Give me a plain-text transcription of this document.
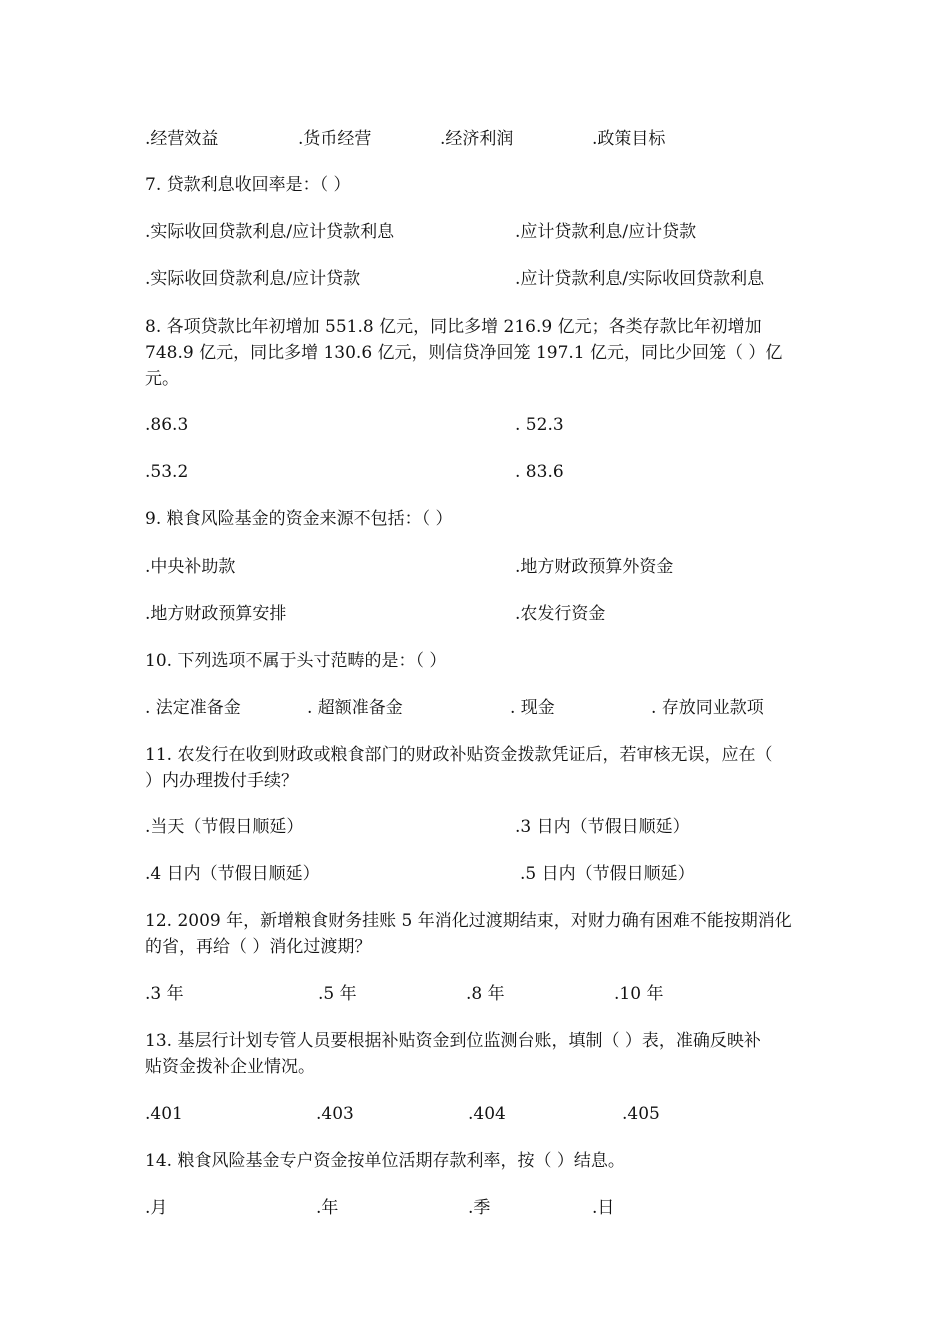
.经营效益	.货币经营	.经济利润	.政策目标
7. 贷款利息收回率是：（ ）
.实际收回贷款利息/应计贷款利息	.应计贷款利息/应计贷款
.实际收回贷款利息/应计贷款	.应计贷款利息/实际收回贷款利息
8. 各项贷款比年初增加 551.8 亿元，同比多增 216.9 亿元；各类存款比年初增加
748.9 亿元，同比多增 130.6 亿元，则信贷净回笼 197.1 亿元，同比少回笼（ ）亿
元。
.86.3	. 52.3
.53.2	. 83.6
9. 粮食风险基金的资金来源不包括：（ ）
.中央补助款	.地方财政预算外资金
.地方财政预算安排	.农发行资金
10. 下列选项不属于头寸范畴的是：（ ）
. 法定准备金	. 超额准备金	. 现金	. 存放同业款项
11. 农发行在收到财政或粮食部门的财政补贴资金拨款凭证后，若审核无误，应在（
）内办理拨付手续？
.当天（节假日顺延）	.3 日内（节假日顺延）
.4 日内（节假日顺延）	.5 日内（节假日顺延）
12. 2009 年，新增粮食财务挂账 5 年消化过渡期结束，对财力确有困难不能按期消化
的省，再给（ ）消化过渡期？
.3 年	.5 年	.8 年	.10 年
13. 基层行计划专管人员要根据补贴资金到位监测台账，填制（ ）表，准确反映补
贴资金拨补企业情况。
.401	.403	.404	.405
14. 粮食风险基金专户资金按单位活期存款利率，按（ ）结息。
.月	.年	.季	.日
